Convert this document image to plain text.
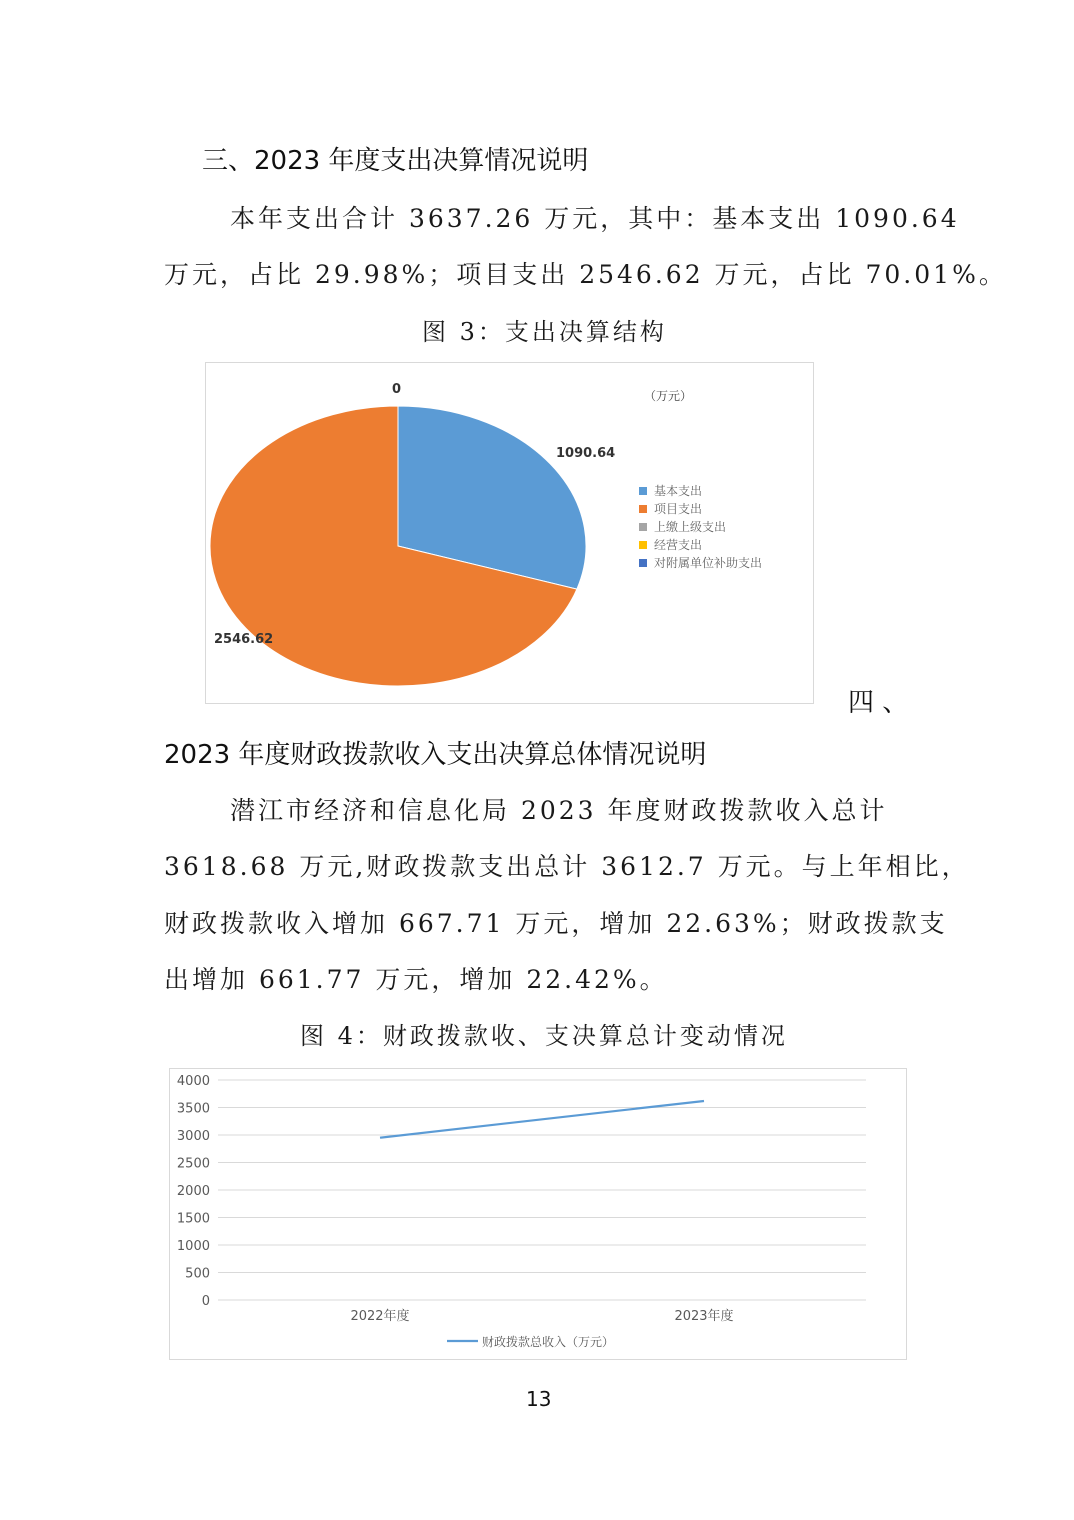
三、2023 年度支出决算情况说明
本年支出合计 3637.26 万元，其中：基本支出 1090.64
万元，占比 29.98%；项目支出 2546.62 万元，占比 70.01%。
图 3：支出决算结构
1090.64
2546.62
0	（万元）
基本支出
项目支出
上缴上级支出
经营支出
对附属单位补助支出
四 、
2023 年度财政拨款收入支出决算总体情况说明
潜江市经济和信息化局 2023 年度财政拨款收入总计
3618.68 万元,财政拨款支出总计 3612.7 万元。与上年相比，
财政拨款收入增加 667.71 万元，增加 22.63%；财政拨款支
出增加 661.77 万元，增加 22.42%。
图 4：财政拨款收、支决算总计变动情况
0
500
1000
1500
2000
2500
3000
3500
4000
2022年度	2023年度
财政拨款总收入（万元）
13
